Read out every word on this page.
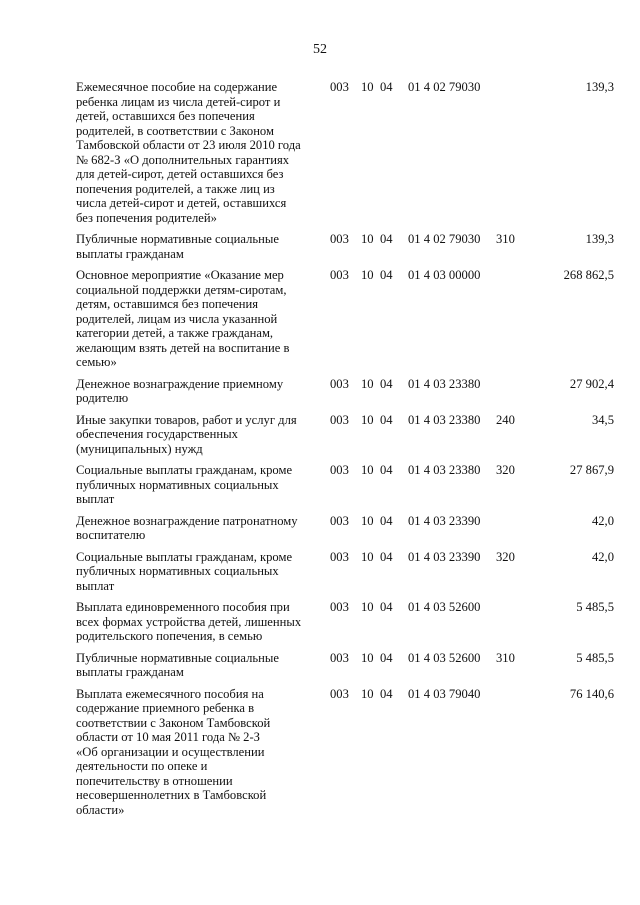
52
Ежемесячное пособие на содержание
ребенка лицам из числа детей-сирот и
детей, оставшихся без попечения
родителей, в соответствии с Законом
Тамбовской области от 23 июля 2010 года
№ 682-З «О дополнительных гарантиях
для детей-сирот, детей оставшихся без
попечения родителей, а также лиц из
числа детей-сирот и детей, оставшихся
без попечения родителей»
003 10 04 01 4 02 79030	139,3
Публичные нормативные социальные
выплаты гражданам
003 10 04 01 4 02 79030 310	139,3
Основное мероприятие «Оказание мер
социальной поддержки детям-сиротам,
детям, оставшимся без попечения
родителей, лицам из числа указанной
категории детей, а также гражданам,
желающим взять детей на воспитание в
семью»
003 10 04 01 4 03 00000	268 862,5
Денежное вознаграждение приемному
родителю
003 10 04 01 4 03 23380	27 902,4
Иные закупки товаров, работ и услуг для
обеспечения государственных
(муниципальных) нужд
003 10 04 01 4 03 23380 240	34,5
Социальные выплаты гражданам, кроме
публичных нормативных социальных
выплат
003 10 04 01 4 03 23380 320	27 867,9
Денежное вознаграждение патронатному
воспитателю
003 10 04 01 4 03 23390	42,0
Социальные выплаты гражданам, кроме
публичных нормативных социальных
выплат
003 10 04 01 4 03 23390 320	42,0
Выплата единовременного пособия при
всех формах устройства детей, лишенных
родительского попечения, в семью
003 10 04 01 4 03 52600	5 485,5
Публичные нормативные социальные
выплаты гражданам
003 10 04 01 4 03 52600 310	5 485,5
Выплата ежемесячного пособия на
содержание приемного ребенка в
соответствии с Законом Тамбовской
области от 10 мая 2011 года № 2-З
«Об организации и осуществлении
деятельности по опеке и
попечительству в отношении
несовершеннолетних в Тамбовской
области»
003 10 04 01 4 03 79040	76 140,6
